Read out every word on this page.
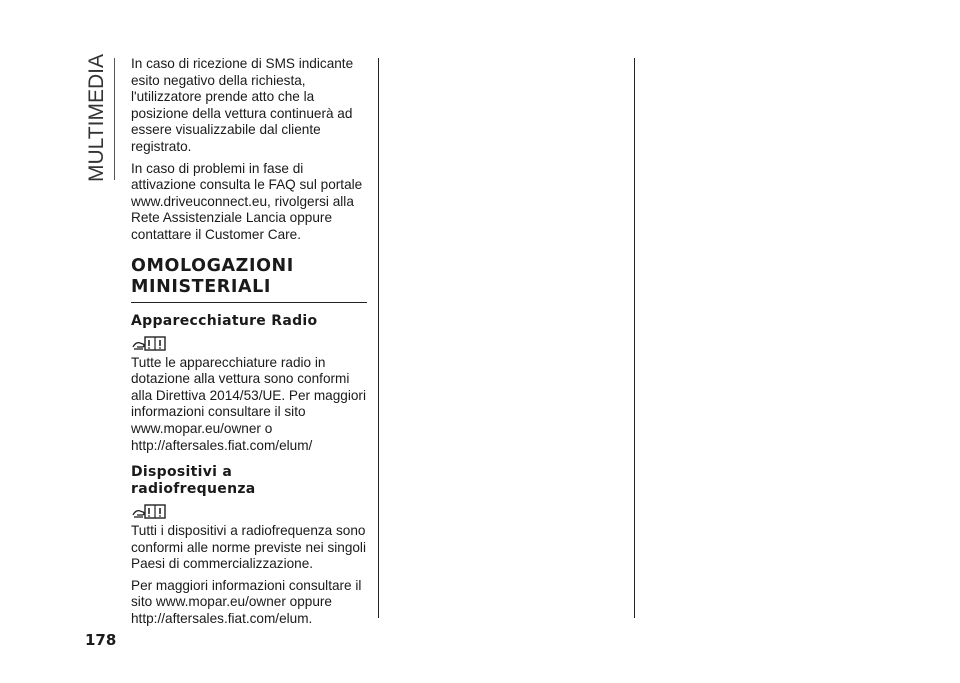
MULTIMEDIA In caso di ricezione di SMS indicante esito negativo della richiesta, l'utilizzatore prende atto che la posizione della vettura continuerà ad essere visualizzabile dal cliente registrato.

In caso di problemi in fase di attivazione consulta le FAQ sul portale www.driveuconnect.eu, rivolgersi alla Rete Assistenziale Lancia oppure contattare il Customer Care.

OMOLOGAZIONI
MINISTERIALI
Apparecchiature Radio

Tutte le apparecchiature radio in dotazione alla vettura sono conformi alla Direttiva 2014/53/UE. Per maggiori informazioni consultare il sito www.mopar.eu/owner o http://aftersales.fiat.com/elum/

Dispositivi a
radiofrequenza

Tutti i dispositivi a radiofrequenza sono conformi alle norme previste nei singoli Paesi di commercializzazione.

Per maggiori informazioni consultare il sito www.mopar.eu/owner oppure http://aftersales.fiat.com/elum.

178
